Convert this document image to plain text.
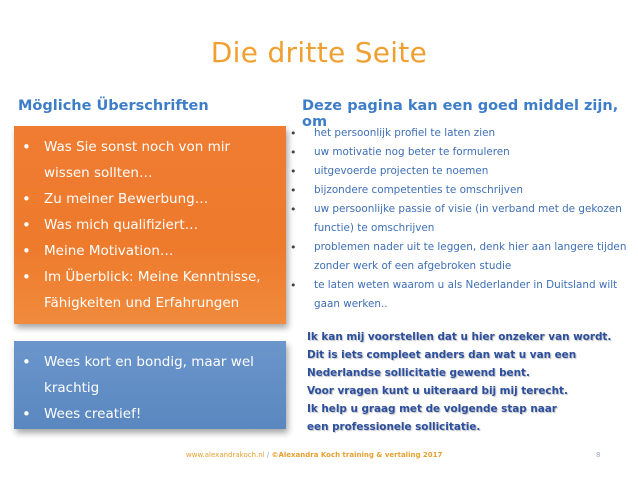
Die dritte Seite
Mögliche Überschriften	Deze pagina kan een goed middel zijn, om
• Was Sie sonst noch von mir wissen sollten…
• Zu meiner Bewerbung…
• Was mich qualifiziert…
• Meine Motivation…
• Im Überblick: Meine Kenntnisse, Fähigkeiten und Erfahrungen
• Wees kort en bondig, maar wel krachtig
• Wees creatief!
• het persoonlijk profiel te laten zien
• uw motivatie nog beter te formuleren
• uitgevoerde projecten te noemen
• bijzondere competenties te omschrijven
• uw persoonlijke passie of visie (in verband met de gekozen functie) te omschrijven
• problemen nader uit te leggen, denk hier aan langere tijden zonder werk of een afgebroken studie
• te laten weten waarom u als Nederlander in Duitsland wilt gaan werken..
Ik kan mij voorstellen dat u hier onzeker van wordt.
Dit is iets compleet anders dan wat u van een
Nederlandse sollicitatie gewend bent.
Voor vragen kunt u uiteraard bij mij terecht.
Ik help u graag met de volgende stap naar
een professionele sollicitatie.
www.alexandrakoch.nl / ©Alexandra Koch training & vertaling 2017	8
